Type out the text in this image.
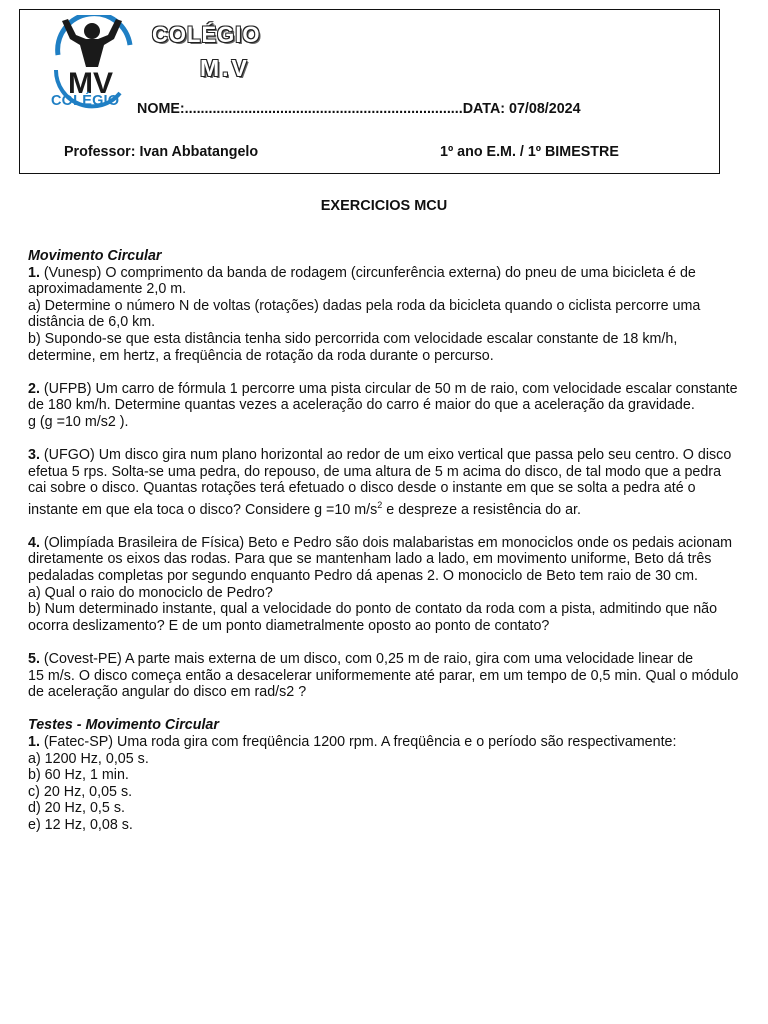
MV
COLÉGIO
COLÉGIO
M.V
NOME:......................................................................DATA: 07/08/2024
Professor: Ivan Abbatangelo	1º ano E.M. / 1º BIMESTRE
EXERCICIOS MCU
Movimento Circular

1. (Vunesp) O comprimento da banda de rodagem (circunferência externa) do pneu de uma bicicleta é de aproximadamente 2,0 m.

a) Determine o número N de voltas (rotações) dadas pela roda da bicicleta quando o ciclista percorre uma distância de 6,0 km.

b) Supondo-se que esta distância tenha sido percorrida com velocidade escalar constante de 18 km/h, determine, em hertz, a freqüência de rotação da roda durante o percurso.

2. (UFPB) Um carro de fórmula 1 percorre uma pista circular de 50 m de raio, com velocidade escalar constante de 180 km/h. Determine quantas vezes a aceleração do carro é maior do que a aceleração da gravidade.

g (g =10 m/s2 ).

3. (UFGO) Um disco gira num plano horizontal ao redor de um eixo vertical que passa pelo seu centro. O disco efetua 5 rps. Solta-se uma pedra, do repouso, de uma altura de 5 m acima do disco, de tal modo que a pedra cai sobre o disco. Quantas rotações terá efetuado o disco desde o instante em que se solta a pedra até o instante em que ela toca o disco? Considere g =10 $m/s^2$ e despreze a resistência do ar.

4. (Olimpíada Brasileira de Física) Beto e Pedro são dois malabaristas em monociclos onde os pedais acionam diretamente os eixos das rodas. Para que se mantenham lado a lado, em movimento uniforme, Beto dá três pedaladas completas por segundo enquanto Pedro dá apenas 2. O monociclo de Beto tem raio de 30 cm.

a) Qual o raio do monociclo de Pedro?

b) Num determinado instante, qual a velocidade do ponto de contato da roda com a pista, admitindo que não ocorra deslizamento? E de um ponto diametralmente oposto ao ponto de contato?

5. (Covest-PE) A parte mais externa de um disco, com 0,25 m de raio, gira com uma velocidade linear de

15 m/s. O disco começa então a desacelerar uniformemente até parar, em um tempo de 0,5 min. Qual o módulo

de aceleração angular do disco em rad/s2 ?

Testes - Movimento Circular

1. (Fatec-SP) Uma roda gira com freqüência 1200 rpm. A freqüência e o período são respectivamente:

a) 1200 Hz, 0,05 s.

b) 60 Hz, 1 min.

c) 20 Hz, 0,05 s.

d) 20 Hz, 0,5 s.

e) 12 Hz, 0,08 s.
